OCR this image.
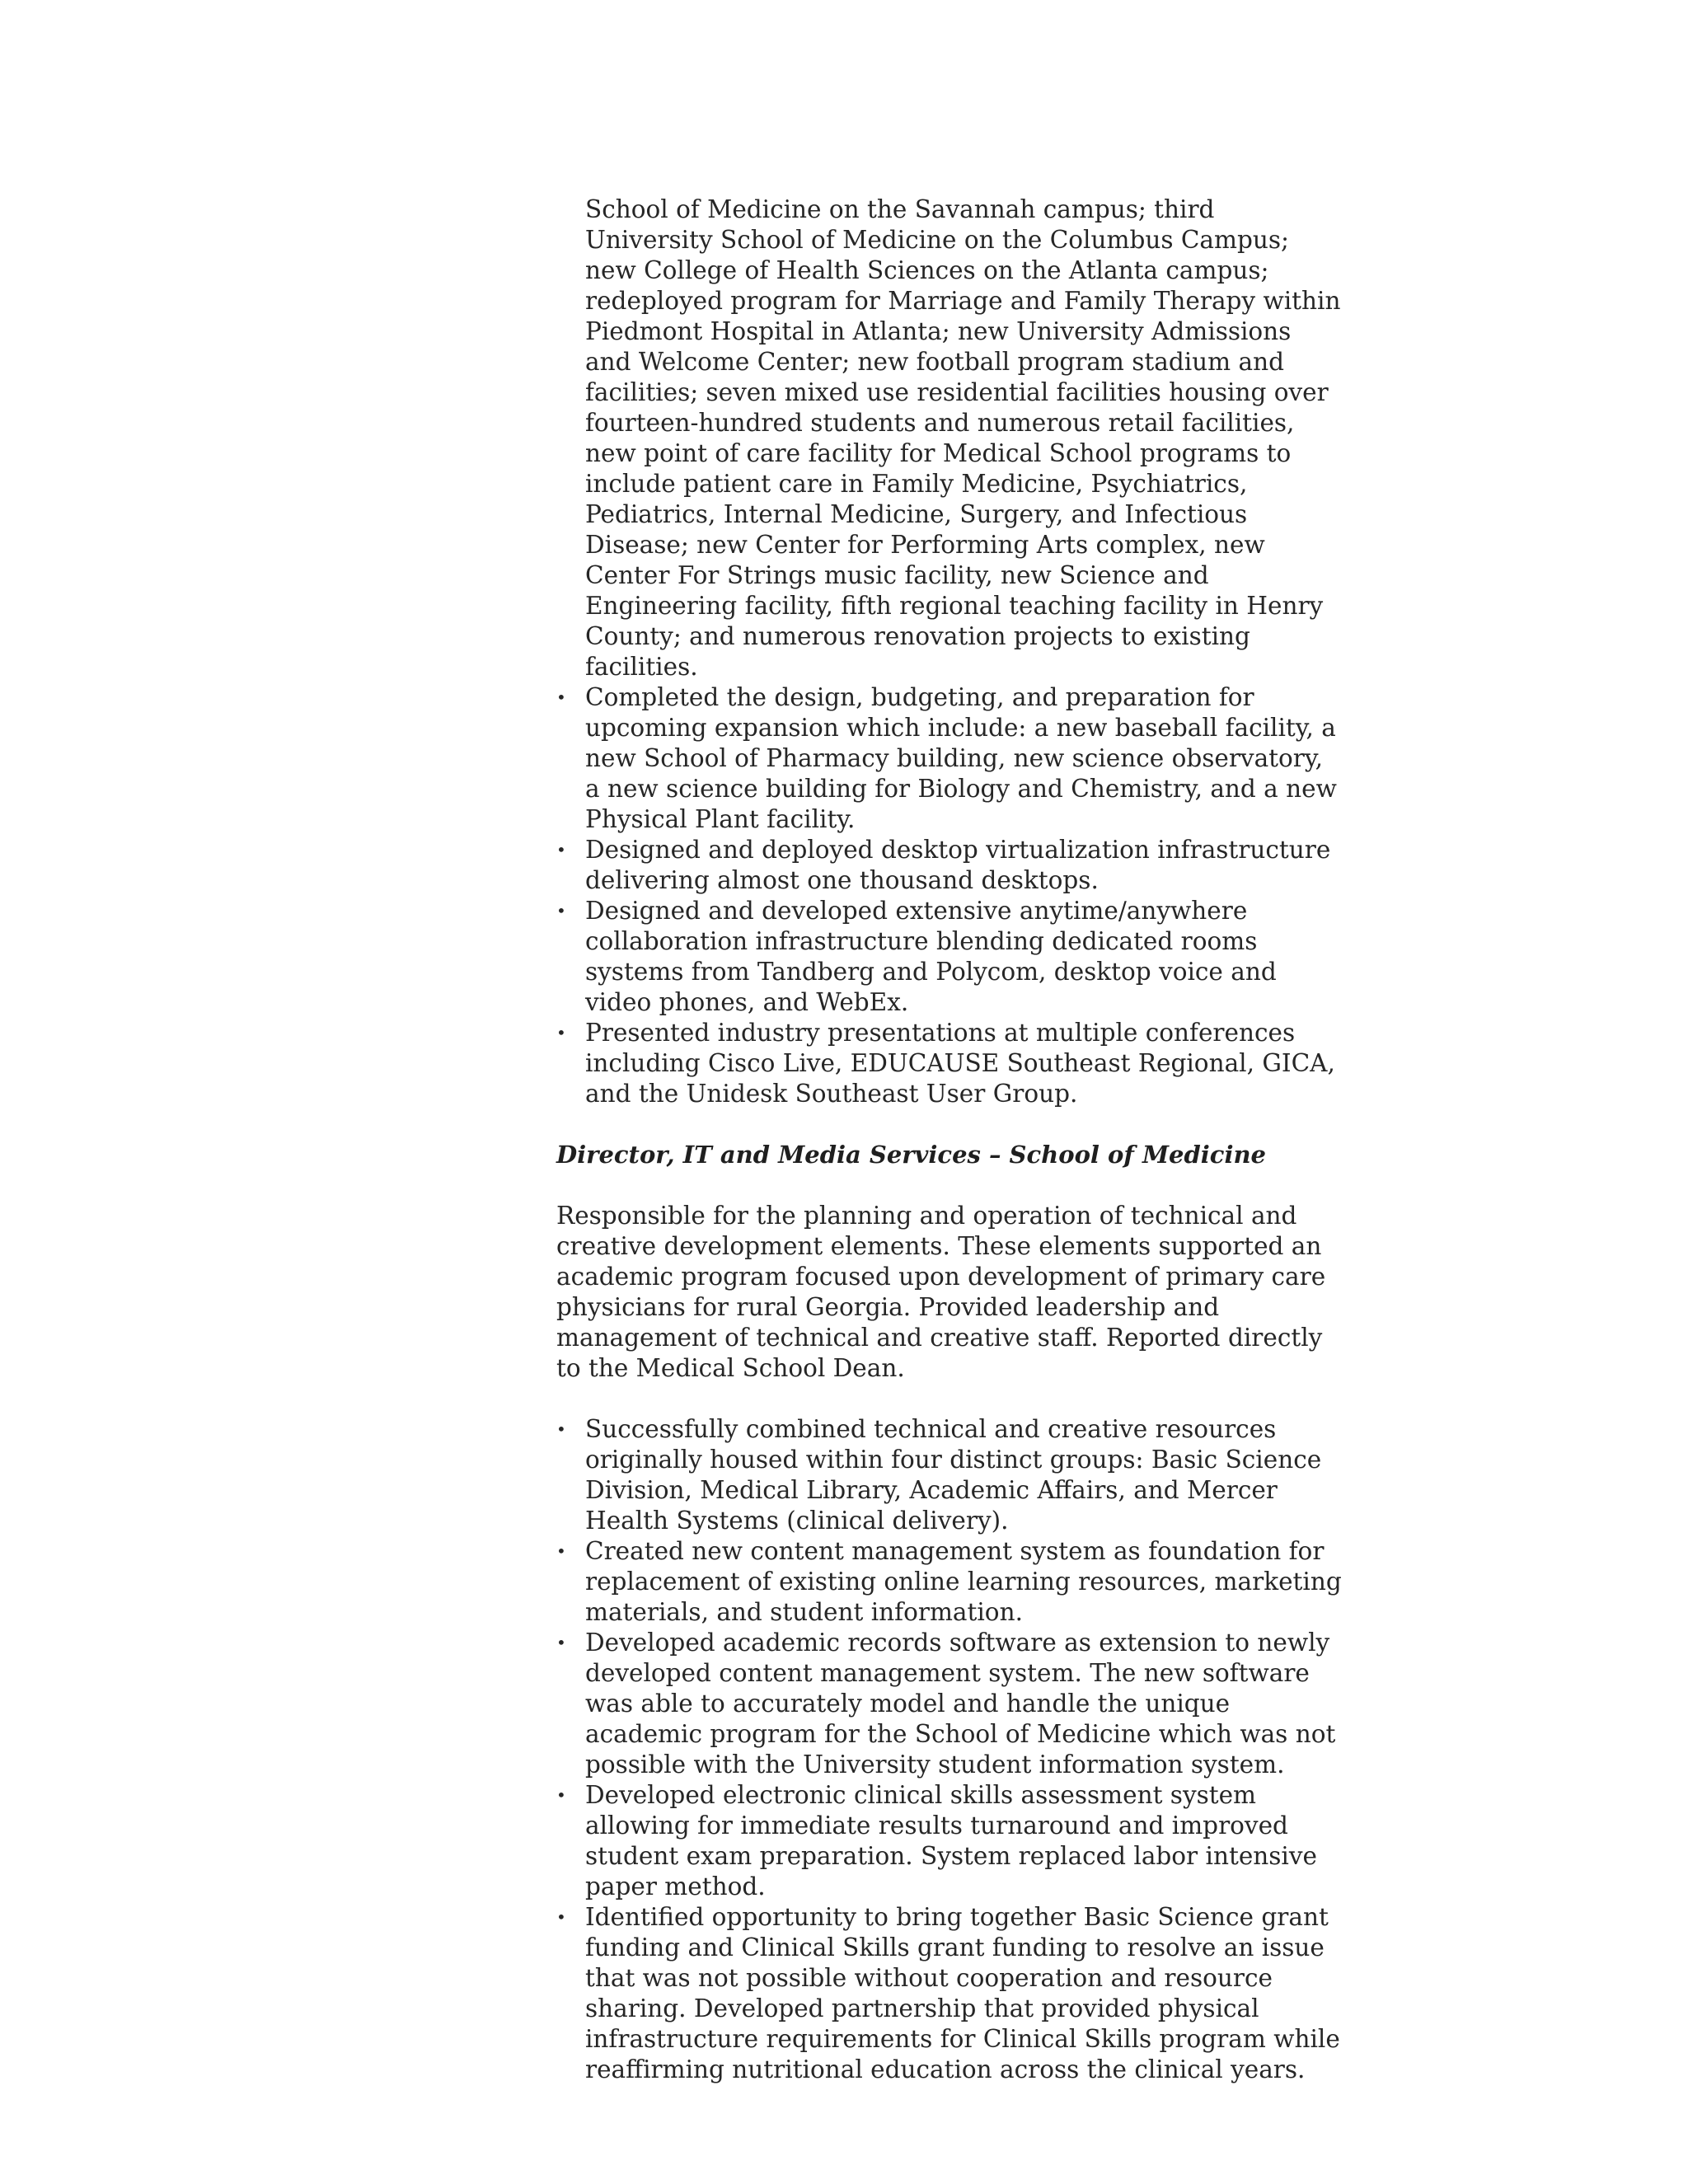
School of Medicine on the Savannah campus; third University School of Medicine on the Columbus Campus; new College of Health Sciences on the Atlanta campus; redeployed program for Marriage and Family Therapy within Piedmont Hospital in Atlanta; new University Admissions and Welcome Center; new football program stadium and facilities; seven mixed use residential facilities housing over fourteen-hundred students and numerous retail facilities, new point of care facility for Medical School programs to include patient care in Family Medicine, Psychiatrics, Pediatrics, Internal Medicine, Surgery, and Infectious Disease; new Center for Performing Arts complex, new Center For Strings music facility, new Science and Engineering facility, fifth regional teaching facility in Henry County; and numerous renovation projects to existing facilities.

• Completed the design, budgeting, and preparation for upcoming expansion which include: a new baseball facility, a new School of Pharmacy building, new science observatory, a new science building for Biology and Chemistry, and a new Physical Plant facility.
• Designed and deployed desktop virtualization infrastructure delivering almost one thousand desktops.
• Designed and developed extensive anytime/anywhere collaboration infrastructure blending dedicated rooms systems from Tandberg and Polycom, desktop voice and video phones, and WebEx.
• Presented industry presentations at multiple conferences including Cisco Live, EDUCAUSE Southeast Regional, GICA, and the Unidesk Southeast User Group.

Director, IT and Media Services – School of Medicine

Responsible for the planning and operation of technical and creative development elements. These elements supported an academic program focused upon development of primary care physicians for rural Georgia. Provided leadership and management of technical and creative staff. Reported directly to the Medical School Dean.

• Successfully combined technical and creative resources originally housed within four distinct groups: Basic Science Division, Medical Library, Academic Affairs, and Mercer Health Systems (clinical delivery).
• Created new content management system as foundation for replacement of existing online learning resources, marketing materials, and student information.
• Developed academic records software as extension to newly developed content management system. The new software was able to accurately model and handle the unique academic program for the School of Medicine which was not possible with the University student information system.
• Developed electronic clinical skills assessment system allowing for immediate results turnaround and improved student exam preparation. System replaced labor intensive paper method.
• Identified opportunity to bring together Basic Science grant funding and Clinical Skills grant funding to resolve an issue that was not possible without cooperation and resource sharing. Developed partnership that provided physical infrastructure requirements for Clinical Skills program while reaffirming nutritional education across the clinical years.
